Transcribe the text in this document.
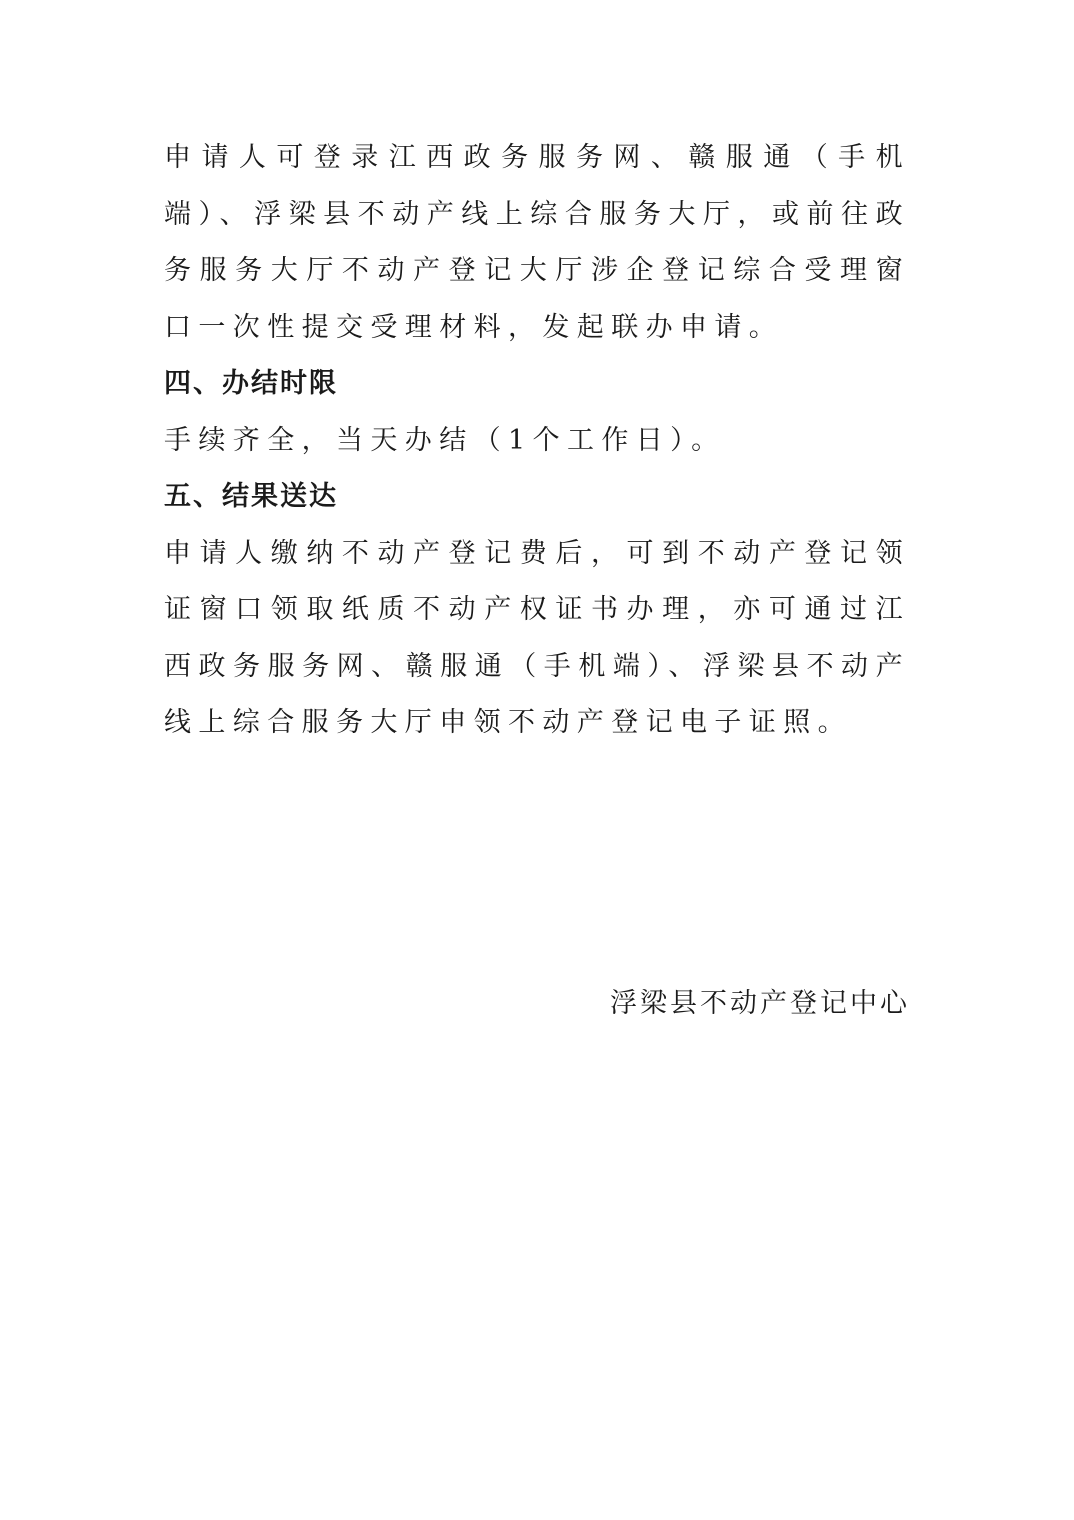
申请人可登录江西政务服务网、赣服通（手机端）、浮梁县不动产线上综合服务大厅，或前往政务服务大厅不动产登记大厅涉企登记综合受理窗口一次性提交受理材料，发起联办申请。

四、办结时限

手续齐全，当天办结（1个工作日）。

五、结果送达

申请人缴纳不动产登记费后，可到不动产登记领证窗口领取纸质不动产权证书办理，亦可通过江西政务服务网、赣服通（手机端）、浮梁县不动产线上综合服务大厅申领不动产登记电子证照。

浮梁县不动产登记中心
